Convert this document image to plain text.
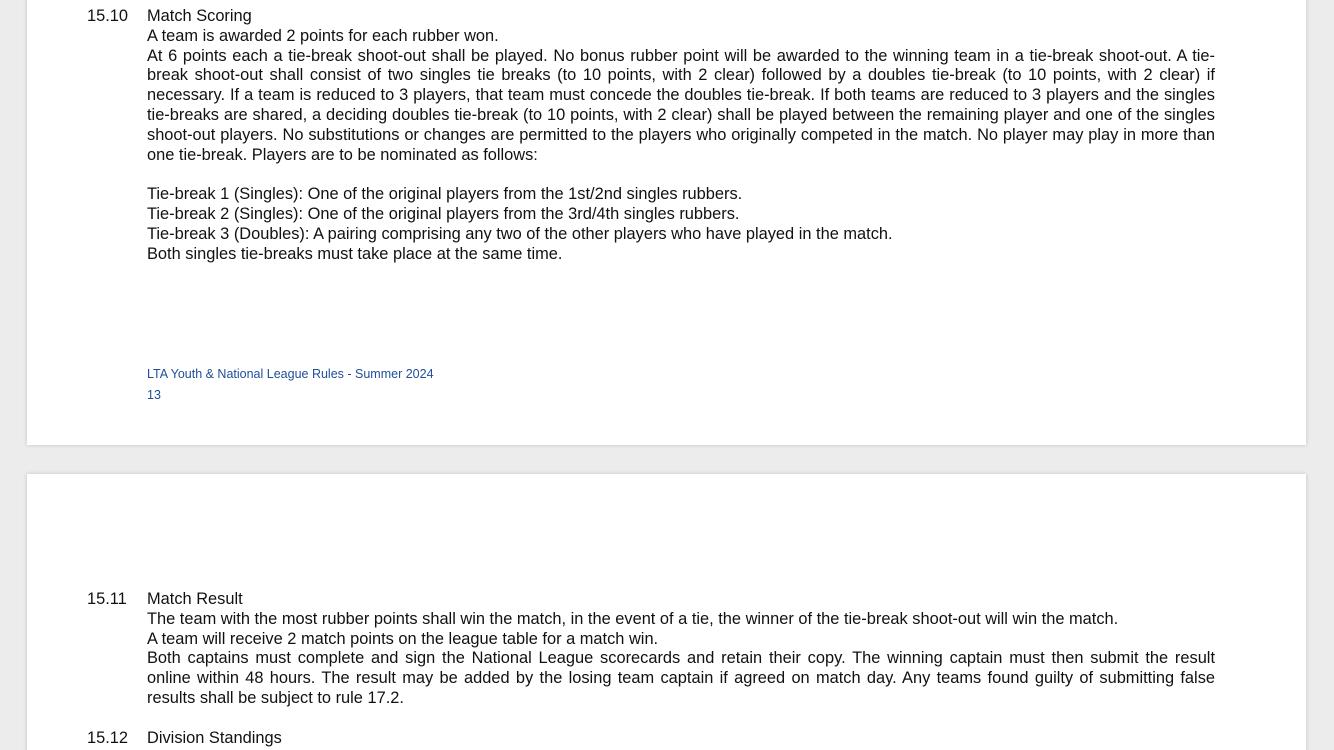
15.10 Match Scoring

A team is awarded 2 points for each rubber won.

At 6 points each a tie-break shoot-out shall be played. No bonus rubber point will be awarded to the winning team in a tie-break shoot-out. A tie-break shoot-out shall consist of two singles tie breaks (to 10 points, with 2 clear) followed by a doubles tie-break (to 10 points, with 2 clear) if necessary. If a team is reduced to 3 players, that team must concede the doubles tie-break. If both teams are reduced to 3 players and the singles tie-breaks are shared, a deciding doubles tie-break (to 10 points, with 2 clear) shall be played between the remaining player and one of the singles shoot-out players. No substitutions or changes are permitted to the players who originally competed in the match. No player may play in more than one tie-break. Players are to be nominated as follows:

Tie-break 1 (Singles): One of the original players from the 1st/2nd singles rubbers.

Tie-break 2 (Singles): One of the original players from the 3rd/4th singles rubbers.

Tie-break 3 (Doubles): A pairing comprising any two of the other players who have played in the match.

Both singles tie-breaks must take place at the same time.

LTA Youth & National League Rules - Summer 2024
13
15.11 Match Result

The team with the most rubber points shall win the match, in the event of a tie, the winner of the tie-break shoot-out will win the match.

A team will receive 2 match points on the league table for a match win.

Both captains must complete and sign the National League scorecards and retain their copy. The winning captain must then submit the result online within 48 hours. The result may be added by the losing team captain if agreed on match day. Any teams found guilty of submitting false results shall be subject to rule 17.2.

15.12 Division Standings
